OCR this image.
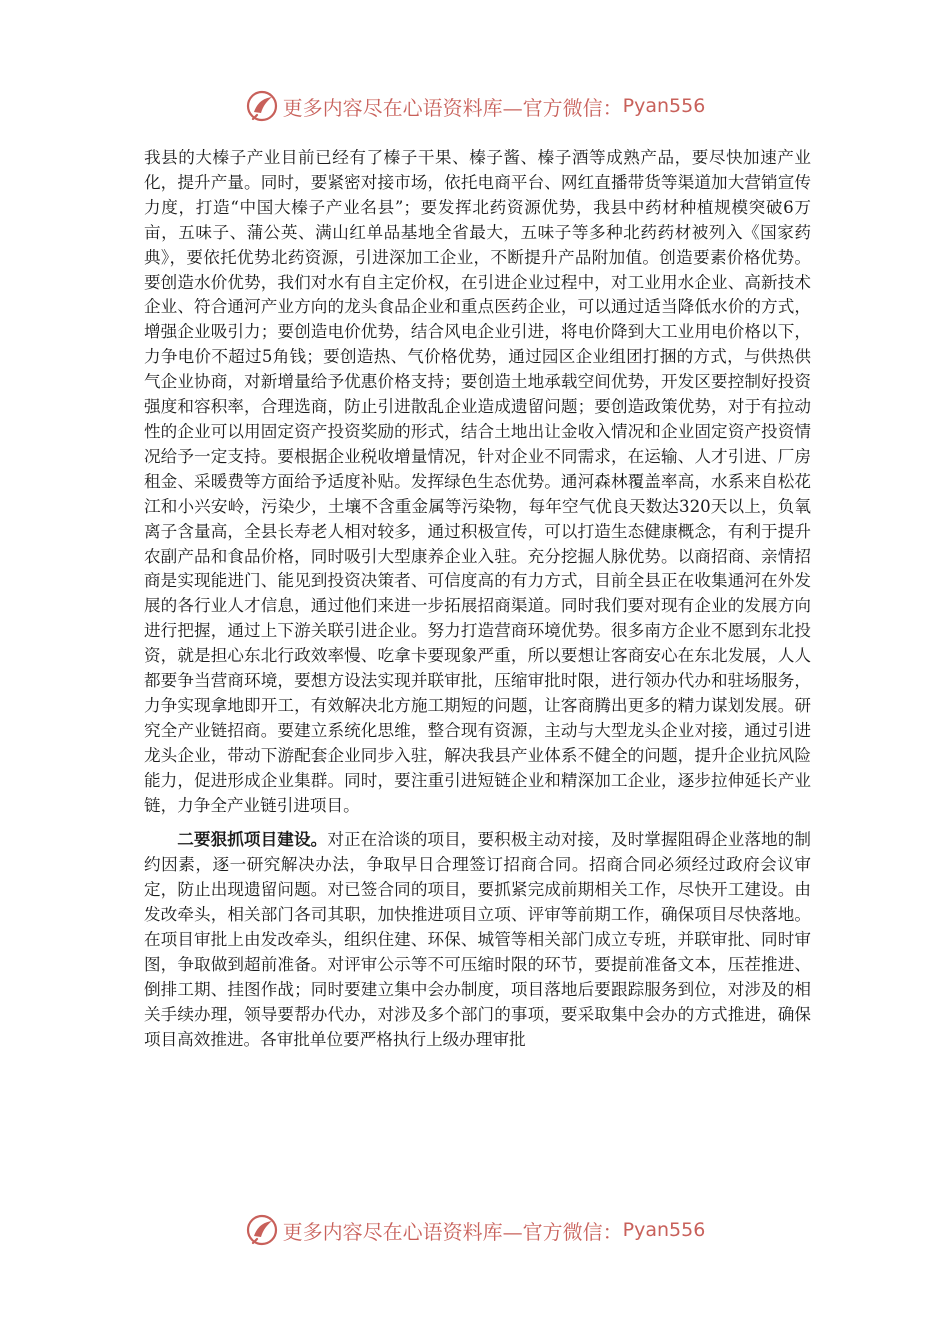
更多内容尽在心语资料库—官方微信： Pyan556

我县的大榛子产业目前已经有了榛子干果、榛子酱、榛子酒等成熟产品，要尽快加速产业化，提升产量。同时，要紧密对接市场，依托电商平台、网红直播带货等渠道加大营销宣传力度，打造“中国大榛子产业名县”；要发挥北药资源优势，我县中药材种植规模突破6万亩，五味子、蒲公英、满山红单品基地全省最大，五味子等多种北药药材被列入《国家药典》，要依托优势北药资源，引进深加工企业，不断提升产品附加值。创造要素价格优势。要创造水价优势，我们对水有自主定价权，在引进企业过程中，对工业用水企业、高新技术企业、符合通河产业方向的龙头食品企业和重点医药企业，可以通过适当降低水价的方式，增强企业吸引力；要创造电价优势，结合风电企业引进，将电价降到大工业用电价格以下，力争电价不超过5角钱；要创造热、气价格优势，通过园区企业组团打捆的方式，与供热供气企业协商，对新增量给予优惠价格支持；要创造土地承载空间优势，开发区要控制好投资强度和容积率，合理选商，防止引进散乱企业造成遗留问题；要创造政策优势，对于有拉动性的企业可以用固定资产投资奖励的形式，结合土地出让金收入情况和企业固定资产投资情况给予一定支持。要根据企业税收增量情况，针对企业不同需求，在运输、人才引进、厂房租金、采暖费等方面给予适度补贴。发挥绿色生态优势。通河森林覆盖率高，水系来自松花江和小兴安岭，污染少，土壤不含重金属等污染物，每年空气优良天数达320天以上，负氧离子含量高，全县长寿老人相对较多，通过积极宣传，可以打造生态健康概念，有利于提升农副产品和食品价格，同时吸引大型康养企业入驻。充分挖掘人脉优势。以商招商、亲情招商是实现能进门、能见到投资决策者、可信度高的有力方式，目前全县正在收集通河在外发展的各行业人才信息，通过他们来进一步拓展招商渠道。同时我们要对现有企业的发展方向进行把握，通过上下游关联引进企业。努力打造营商环境优势。很多南方企业不愿到东北投资，就是担心东北行政效率慢、吃拿卡要现象严重，所以要想让客商安心在东北发展，人人都要争当营商环境，要想方设法实现并联审批，压缩审批时限，进行领办代办和驻场服务，力争实现拿地即开工，有效解决北方施工期短的问题，让客商腾出更多的精力谋划发展。研究全产业链招商。要建立系统化思维，整合现有资源，主动与大型龙头企业对接，通过引进龙头企业，带动下游配套企业同步入驻，解决我县产业体系不健全的问题，提升企业抗风险能力，促进形成企业集群。同时，要注重引进短链企业和精深加工企业，逐步拉伸延长产业链，力争全产业链引进项目。

二要狠抓项目建设。对正在洽谈的项目，要积极主动对接，及时掌握阻碍企业落地的制约因素，逐一研究解决办法，争取早日合理签订招商合同。招商合同必须经过政府会议审定，防止出现遗留问题。对已签合同的项目，要抓紧完成前期相关工作，尽快开工建设。由发改牵头，相关部门各司其职，加快推进项目立项、评审等前期工作，确保项目尽快落地。在项目审批上由发改牵头，组织住建、环保、城管等相关部门成立专班，并联审批、同时审图，争取做到超前准备。对评审公示等不可压缩时限的环节，要提前准备文本，压茬推进、倒排工期、挂图作战；同时要建立集中会办制度，项目落地后要跟踪服务到位，对涉及的相关手续办理，领导要帮办代办，对涉及多个部门的事项，要采取集中会办的方式推进，确保项目高效推进。各审批单位要严格执行上级办理审批

更多内容尽在心语资料库—官方微信： Pyan556
